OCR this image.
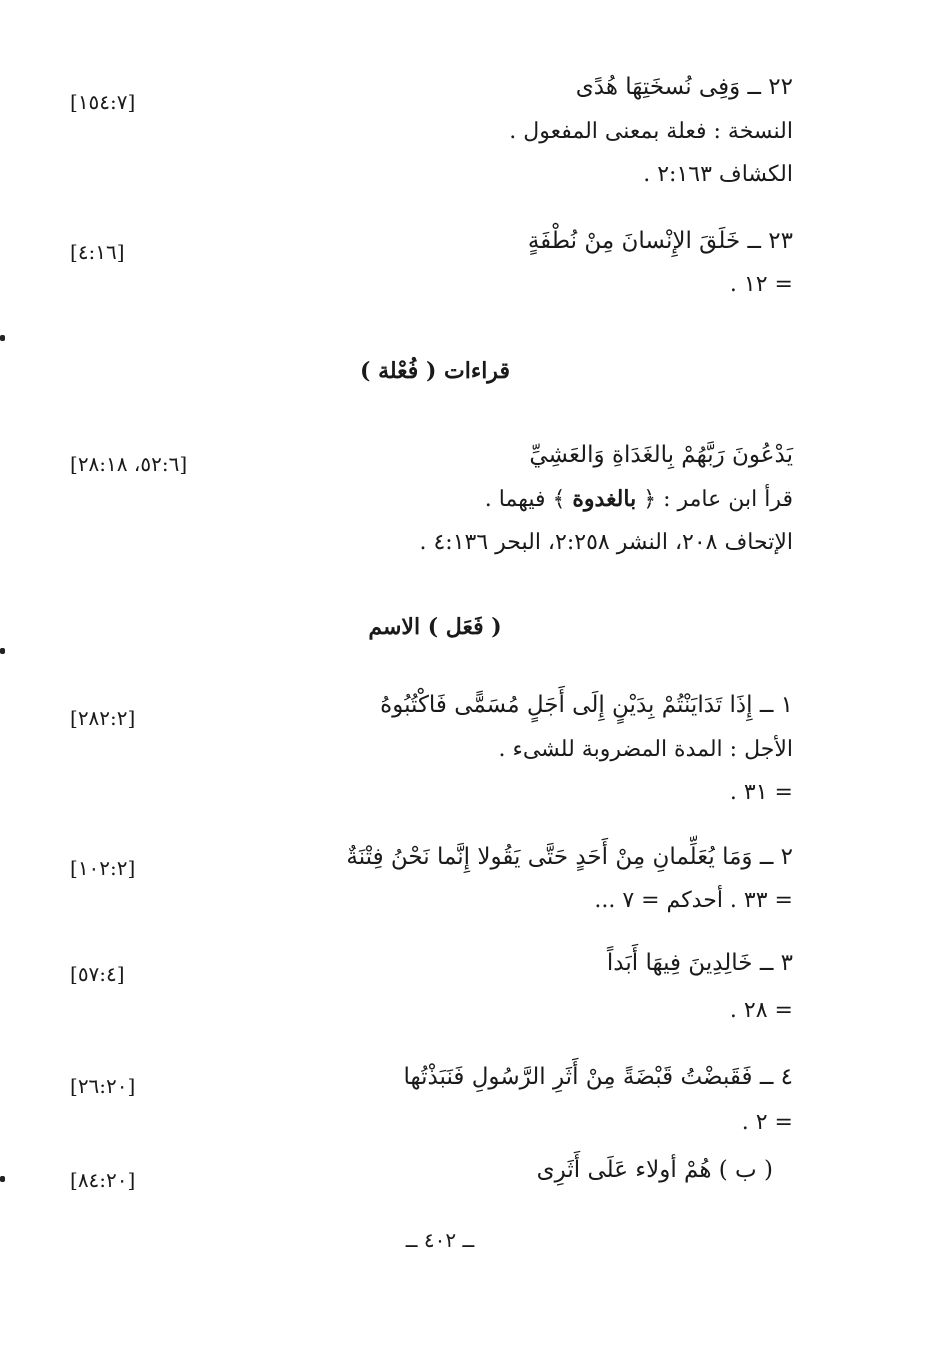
٢٢ ــ وَفِى نُسخَتِهَا هُدًى
[١٥٤:٧]
النسخة : فعلة بمعنى المفعول .
الكشاف ٢:١٦٣ .
٢٣ ــ خَلَقَ الإِنْسانَ مِنْ نُطْفَةٍ
[٤:١٦]
= ١٢ .
قراءات ( فُعْلة )
يَدْعُونَ رَبَّهُمْ بِالغَدَاةِ وَالعَشِيِّ
[٥٢:٦، ٢٨:١٨]
قرأ ابن عامر : ﴿ بالغدوة ﴾ فيهما .
الإتحاف ٢٠٨، النشر ٢:٢٥٨، البحر ٤:١٣٦ .
( فَعَل ) الاسم
١ ــ إِذَا تَدَايَنْتُمْ بِدَيْنٍ إِلَى أَجَلٍ مُسَمًّى فَاكْتُبُوهُ
[٢٨٢:٢]
الأجل : المدة المضروبة للشىء .
= ٣١ .
٢ ــ وَمَا يُعَلِّمانِ مِنْ أَحَدٍ حَتَّى يَقُولا إِنَّما نَحْنُ فِتْنَةٌ
[١٠٢:٢]
= ٣٣ . أحدكم = ٧ ...
٣ ــ خَالِدِينَ فِيهَا أَبَداً
[٥٧:٤]
= ٢٨ .
٤ ــ فَقَبضْتُ قَبْضَةً مِنْ أَثَرِ الرَّسُولِ فَنَبَذْتُها
[٢٦:٢٠]
= ٢ .
( ب ) هُمْ أولاء عَلَى أَثَرِى
[٨٤:٢٠]
ــ ٤٠٢ ــ
